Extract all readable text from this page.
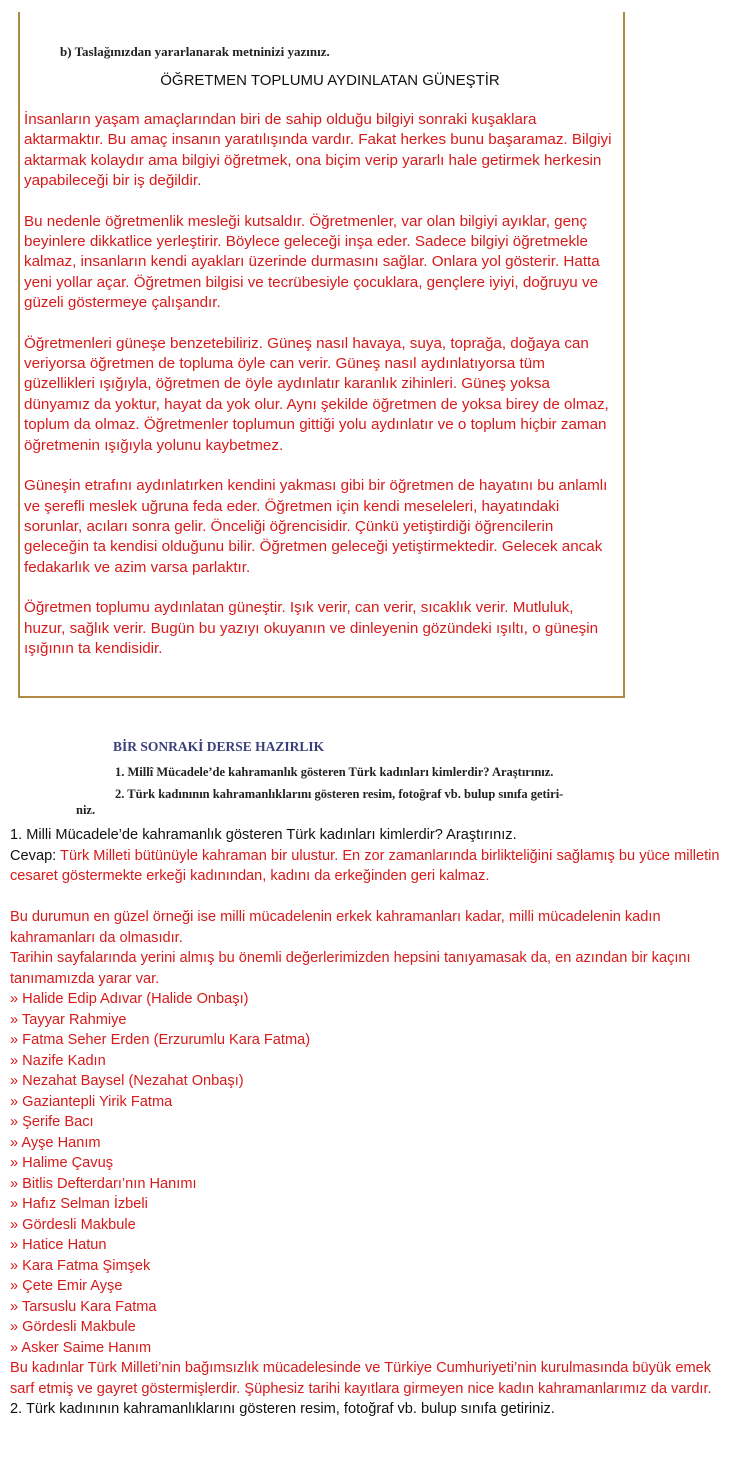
b) Taslağınızdan yararlanarak metninizi yazınız.
ÖĞRETMEN TOPLUMU AYDINLATAN GÜNEŞTİR

İnsanların yaşam amaçlarından biri de sahip olduğu bilgiyi sonraki kuşaklara aktarmaktır. Bu amaç insanın yaratılışında vardır. Fakat herkes bunu başaramaz. Bilgiyi aktarmak kolaydır ama bilgiyi öğretmek, ona biçim verip yararlı hale getirmek herkesin yapabileceği bir iş değildir.

Bu nedenle öğretmenlik mesleği kutsaldır. Öğretmenler, var olan bilgiyi ayıklar, genç beyinlere dikkatlice yerleştirir. Böylece geleceği inşa eder. Sadece bilgiyi öğretmekle kalmaz, insanların kendi ayakları üzerinde durmasını sağlar. Onlara yol gösterir. Hatta yeni yollar açar. Öğretmen bilgisi ve tecrübesiyle çocuklara, gençlere iyiyi, doğruyu ve güzeli göstermeye çalışandır.

Öğretmenleri güneşe benzetebiliriz. Güneş nasıl havaya, suya, toprağa, doğaya can veriyorsa öğretmen de topluma öyle can verir. Güneş nasıl aydınlatıyorsa tüm güzellikleri ışığıyla, öğretmen de öyle aydınlatır karanlık zihinleri. Güneş yoksa dünyamız da yoktur, hayat da yok olur. Aynı şekilde öğretmen de yoksa birey de olmaz, toplum da olmaz. Öğretmenler toplumun gittiği yolu aydınlatır ve o toplum hiçbir zaman öğretmenin ışığıyla yolunu kaybetmez.

Güneşin etrafını aydınlatırken kendini yakması gibi bir öğretmen de hayatını bu anlamlı ve şerefli meslek uğruna feda eder. Öğretmen için kendi meseleleri, hayatındaki sorunlar, acıları sonra gelir. Önceliği öğrencisidir. Çünkü yetiştirdiği öğrencilerin geleceğin ta kendisi olduğunu bilir. Öğretmen geleceği yetiştirmektedir. Gelecek ancak fedakarlık ve azim varsa parlaktır.

Öğretmen toplumu aydınlatan güneştir. Işık verir, can verir, sıcaklık verir. Mutluluk, huzur, sağlık verir. Bugün bu yazıyı okuyanın ve dinleyenin gözündeki ışıltı, o güneşin ışığının ta kendisidir.

BİR SONRAKİ DERSE HAZIRLIK
1. Millî Mücadele’de kahramanlık gösteren Türk kadınları kimlerdir? Araştırınız.
2. Türk kadınının kahramanlıklarını gösteren resim, fotoğraf vb. bulup sınıfa getiri-
niz.
1. Milli Mücadele’de kahramanlık gösteren Türk kadınları kimlerdir? Araştırınız.
Cevap: Türk Milleti bütünüyle kahraman bir ulustur. En zor zamanlarında birlikteliğini sağlamış bu yüce milletin cesaret göstermekte erkeği kadınından, kadını da erkeğinden geri kalmaz.
Bu durumun en güzel örneği ise milli mücadelenin erkek kahramanları kadar, milli mücadelenin kadın kahramanları da olmasıdır.
Tarihin sayfalarında yerini almış bu önemli değerlerimizden hepsini tanıyamasak da, en azından bir kaçını tanımamızda yarar var.
» Halide Edip Adıvar (Halide Onbaşı)
» Tayyar Rahmiye
» Fatma Seher Erden (Erzurumlu Kara Fatma)
» Nazife Kadın
» Nezahat Baysel (Nezahat Onbaşı)
» Gaziantepli Yirik Fatma
» Şerife Bacı
» Ayşe Hanım
» Halime Çavuş
» Bitlis Defterdarı’nın Hanımı
» Hafız Selman İzbeli
» Gördesli Makbule
» Hatice Hatun
» Kara Fatma Şimşek
» Çete Emir Ayşe
» Tarsuslu Kara Fatma
» Gördesli Makbule
» Asker Saime Hanım
Bu kadınlar Türk Milleti’nin bağımsızlık mücadelesinde ve Türkiye Cumhuriyeti’nin kurulmasında büyük emek sarf etmiş ve gayret göstermişlerdir. Şüphesiz tarihi kayıtlara girmeyen nice kadın kahramanlarımız da vardır.
2. Türk kadınının kahramanlıklarını gösteren resim, fotoğraf vb. bulup sınıfa getiriniz.
